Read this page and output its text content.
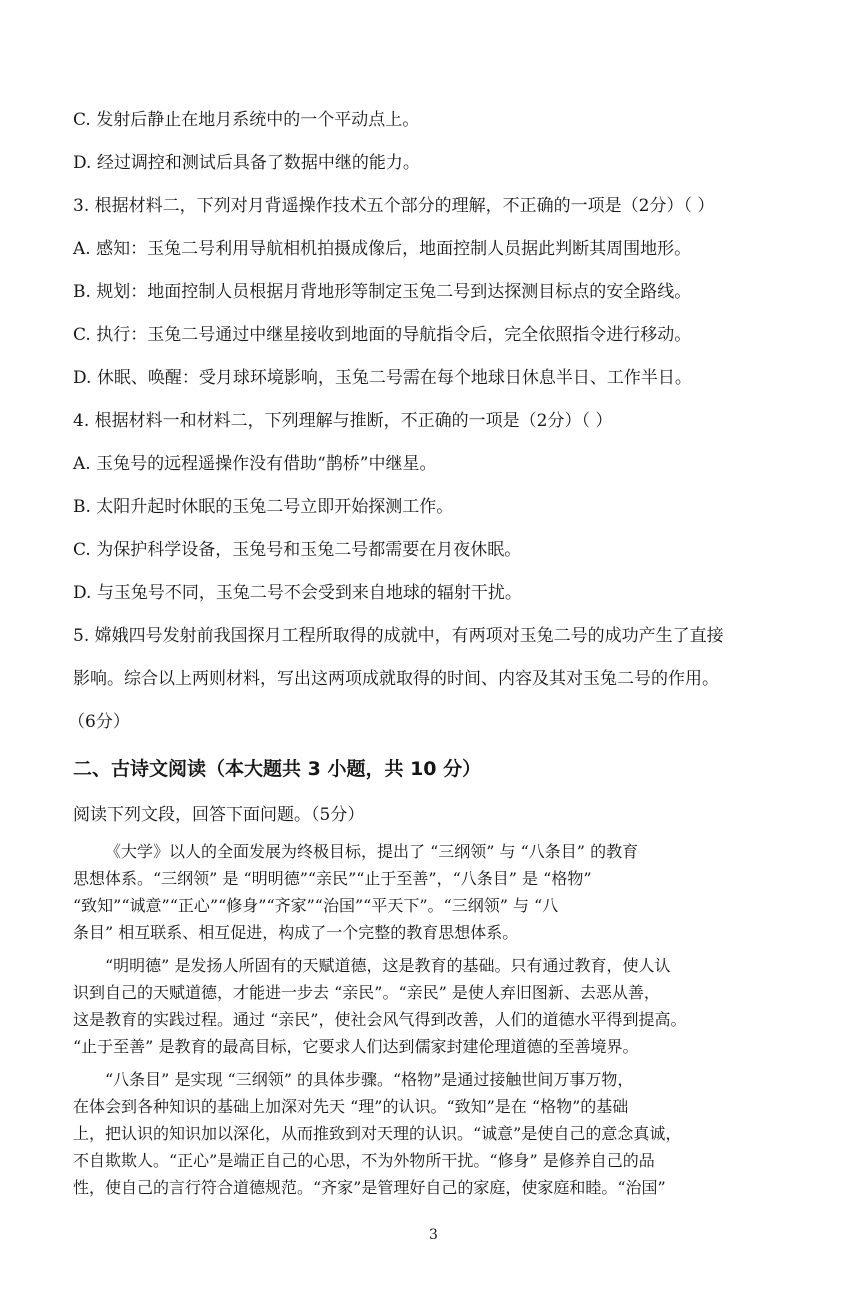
C. 发射后静止在地月系统中的一个平动点上。

D. 经过调控和测试后具备了数据中继的能力。

3. 根据材料二，下列对月背遥操作技术五个部分的理解，不正确的一项是（2分）（ ）

A. 感知：玉兔二号利用导航相机拍摄成像后，地面控制人员据此判断其周围地形。

B. 规划：地面控制人员根据月背地形等制定玉兔二号到达探测目标点的安全路线。

C. 执行：玉兔二号通过中继星接收到地面的导航指令后，完全依照指令进行移动。

D. 休眠、唤醒：受月球环境影响，玉兔二号需在每个地球日休息半日、工作半日。

4. 根据材料一和材料二，下列理解与推断，不正确的一项是（2分）（ ）

A. 玉兔号的远程遥操作没有借助“鹊桥”中继星。

B. 太阳升起时休眠的玉兔二号立即开始探测工作。

C. 为保护科学设备，玉兔号和玉兔二号都需要在月夜休眠。

D. 与玉兔号不同，玉兔二号不会受到来自地球的辐射干扰。

5. 嫦娥四号发射前我国探月工程所取得的成就中，有两项对玉兔二号的成功产生了直接

影响。综合以上两则材料，写出这两项成就取得的时间、内容及其对玉兔二号的作用。

（6分）

二、古诗文阅读（本大题共 3 小题，共 10 分）

阅读下列文段，回答下面问题。（5分）

《大学》以人的全面发展为终极目标，提出了 “三纲领” 与 “八条目” 的教育

思想体系。“三纲领” 是 “明明德”“亲民”“止于至善”，“八条目” 是 “格物”

“致知”“诚意”“正心”“修身”“齐家”“治国”“平天下”。“三纲领” 与 “八

条目” 相互联系、相互促进，构成了一个完整的教育思想体系。

“明明德” 是发扬人所固有的天赋道德，这是教育的基础。只有通过教育，使人认

识到自己的天赋道德，才能进一步去 “亲民”。“亲民” 是使人弃旧图新、去恶从善，

这是教育的实践过程。通过 “亲民”，使社会风气得到改善，人们的道德水平得到提高。

“止于至善” 是教育的最高目标，它要求人们达到儒家封建伦理道德的至善境界。

“八条目” 是实现 “三纲领” 的具体步骤。“格物”是通过接触世间万事万物，

在体会到各种知识的基础上加深对先天 “理”的认识。“致知”是在 “格物”的基础

上，把认识的知识加以深化，从而推致到对天理的认识。“诚意”是使自己的意念真诚，

不自欺欺人。“正心”是端正自己的心思，不为外物所干扰。“修身” 是修养自己的品

性，使自己的言行符合道德规范。“齐家”是管理好自己的家庭，使家庭和睦。“治国”

3
